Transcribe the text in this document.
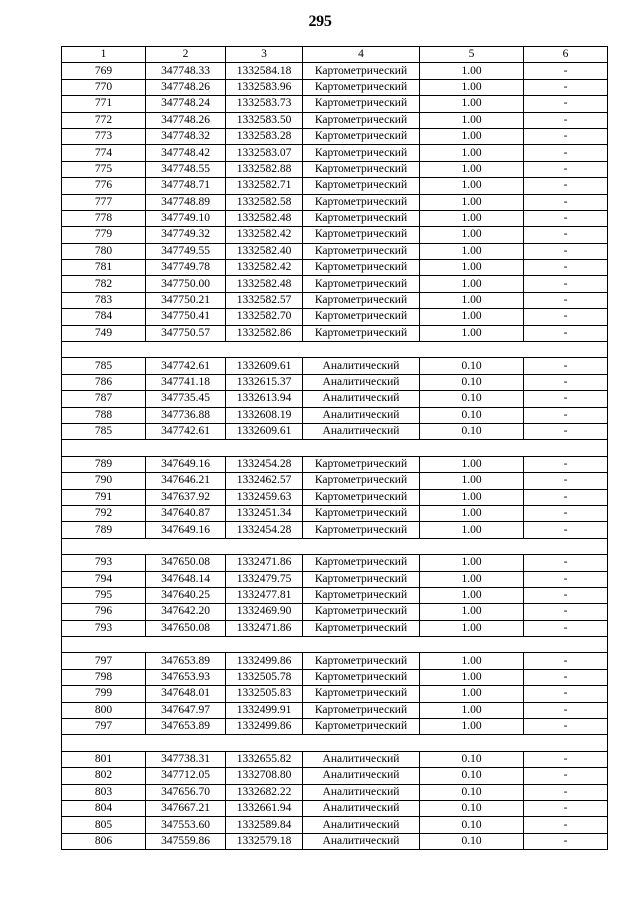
295
1	2	3	4	5	6
769	347748.33	1332584.18	Картометрический	1.00	-
770	347748.26	1332583.96	Картометрический	1.00	-
771	347748.24	1332583.73	Картометрический	1.00	-
772	347748.26	1332583.50	Картометрический	1.00	-
773	347748.32	1332583.28	Картометрический	1.00	-
774	347748.42	1332583.07	Картометрический	1.00	-
775	347748.55	1332582.88	Картометрический	1.00	-
776	347748.71	1332582.71	Картометрический	1.00	-
777	347748.89	1332582.58	Картометрический	1.00	-
778	347749.10	1332582.48	Картометрический	1.00	-
779	347749.32	1332582.42	Картометрический	1.00	-
780	347749.55	1332582.40	Картометрический	1.00	-
781	347749.78	1332582.42	Картометрический	1.00	-
782	347750.00	1332582.48	Картометрический	1.00	-
783	347750.21	1332582.57	Картометрический	1.00	-
784	347750.41	1332582.70	Картометрический	1.00	-
749	347750.57	1332582.86	Картометрический	1.00	-

785	347742.61	1332609.61	Аналитический	0.10	-
786	347741.18	1332615.37	Аналитический	0.10	-
787	347735.45	1332613.94	Аналитический	0.10	-
788	347736.88	1332608.19	Аналитический	0.10	-
785	347742.61	1332609.61	Аналитический	0.10	-

789	347649.16	1332454.28	Картометрический	1.00	-
790	347646.21	1332462.57	Картометрический	1.00	-
791	347637.92	1332459.63	Картометрический	1.00	-
792	347640.87	1332451.34	Картометрический	1.00	-
789	347649.16	1332454.28	Картометрический	1.00	-

793	347650.08	1332471.86	Картометрический	1.00	-
794	347648.14	1332479.75	Картометрический	1.00	-
795	347640.25	1332477.81	Картометрический	1.00	-
796	347642.20	1332469.90	Картометрический	1.00	-
793	347650.08	1332471.86	Картометрический	1.00	-

797	347653.89	1332499.86	Картометрический	1.00	-
798	347653.93	1332505.78	Картометрический	1.00	-
799	347648.01	1332505.83	Картометрический	1.00	-
800	347647.97	1332499.91	Картометрический	1.00	-
797	347653.89	1332499.86	Картометрический	1.00	-

801	347738.31	1332655.82	Аналитический	0.10	-
802	347712.05	1332708.80	Аналитический	0.10	-
803	347656.70	1332682.22	Аналитический	0.10	-
804	347667.21	1332661.94	Аналитический	0.10	-
805	347553.60	1332589.84	Аналитический	0.10	-
806	347559.86	1332579.18	Аналитический	0.10	-
